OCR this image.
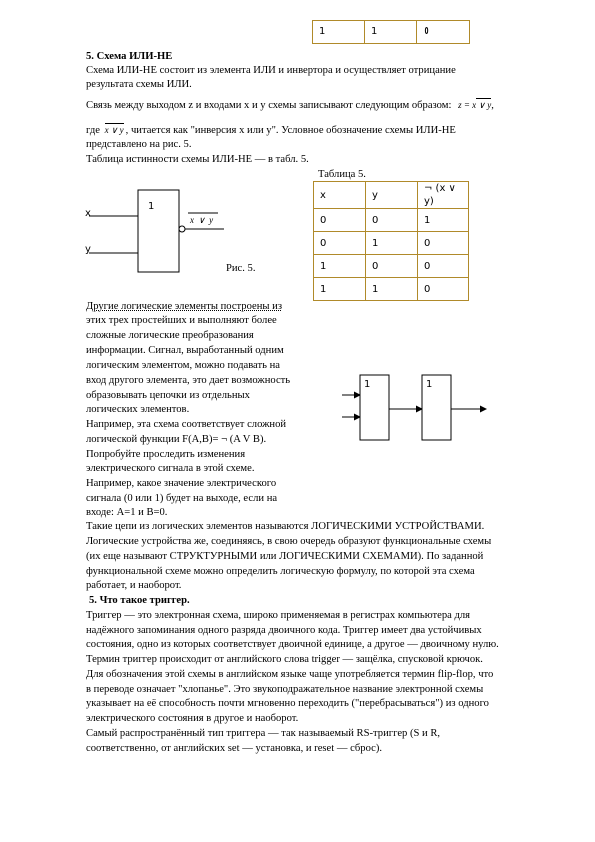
1	1	0
5. Схема ИЛИ-НЕ
Схема ИЛИ-НЕ состоит из элемента ИЛИ и инвертора и осуществляет отрицание
результата схемы ИЛИ.
Связь между выходом z и входами x и y схемы записывают следующим образом: z = x ∨ y
,
где x ∨ y , читается как "инверсия x или y". Условное обозначение схемы ИЛИ-НЕ
представлено на рис. 5.
Таблица истинности схемы ИЛИ-НЕ — в табл. 5.
Таблица 5.
x	y	¬ (x ∨ y)
0	0	1
0	1	0
1	0	0
1	1	0
x
y
1
x ∨ y
Рис. 5.
Другие логические элементы построены из
этих трех простейших и выполняют более
сложные логические преобразования
информации. Сигнал, выработанный одним
логическим элементом, можно подавать на
вход другого элемента, это дает возможность
образовывать цепочки из отдельных
логических элементов.
Например, эта схема соответствует сложной
логической функции F(A,B)= ¬ (A V B).
Попробуйте проследить изменения
электрического сигнала в этой схеме.
Например, какое значение электрического
сигнала (0 или 1) будет на выходе, если на
входе: A=1 и B=0.
1	1
Такие цепи из логических элементов называются ЛОГИЧЕСКИМИ УСТРОЙСТВАМИ.
Логические устройства же, соединяясь, в свою очередь образуют функциональные схемы
(их еще называют СТРУКТУРНЫМИ или ЛОГИЧЕСКИМИ СХЕМАМИ). По заданной
функциональной схеме можно определить логическую формулу, по которой эта схема
работает, и наоборот.
5. Что такое триггер.
Триггер — это электронная схема, широко применяемая в регистрах компьютера для
надёжного запоминания одного разряда двоичного кода. Триггер имеет два устойчивых
состояния, одно из которых соответствует двоичной единице, а другое — двоичному нулю.
Термин триггер происходит от английского слова trigger — защёлка, спусковой крючок.
Для обозначения этой схемы в английском языке чаще употребляется термин flip-flop, что
в переводе означает "хлопанье". Это звукоподражательное название электронной схемы
указывает на её способность почти мгновенно переходить ("перебрасываться") из одного
электрического состояния в другое и наоборот.
Самый распространённый тип триггера — так называемый RS-триггер (S и R,
соответственно, от английских set — установка, и reset — сброс).
